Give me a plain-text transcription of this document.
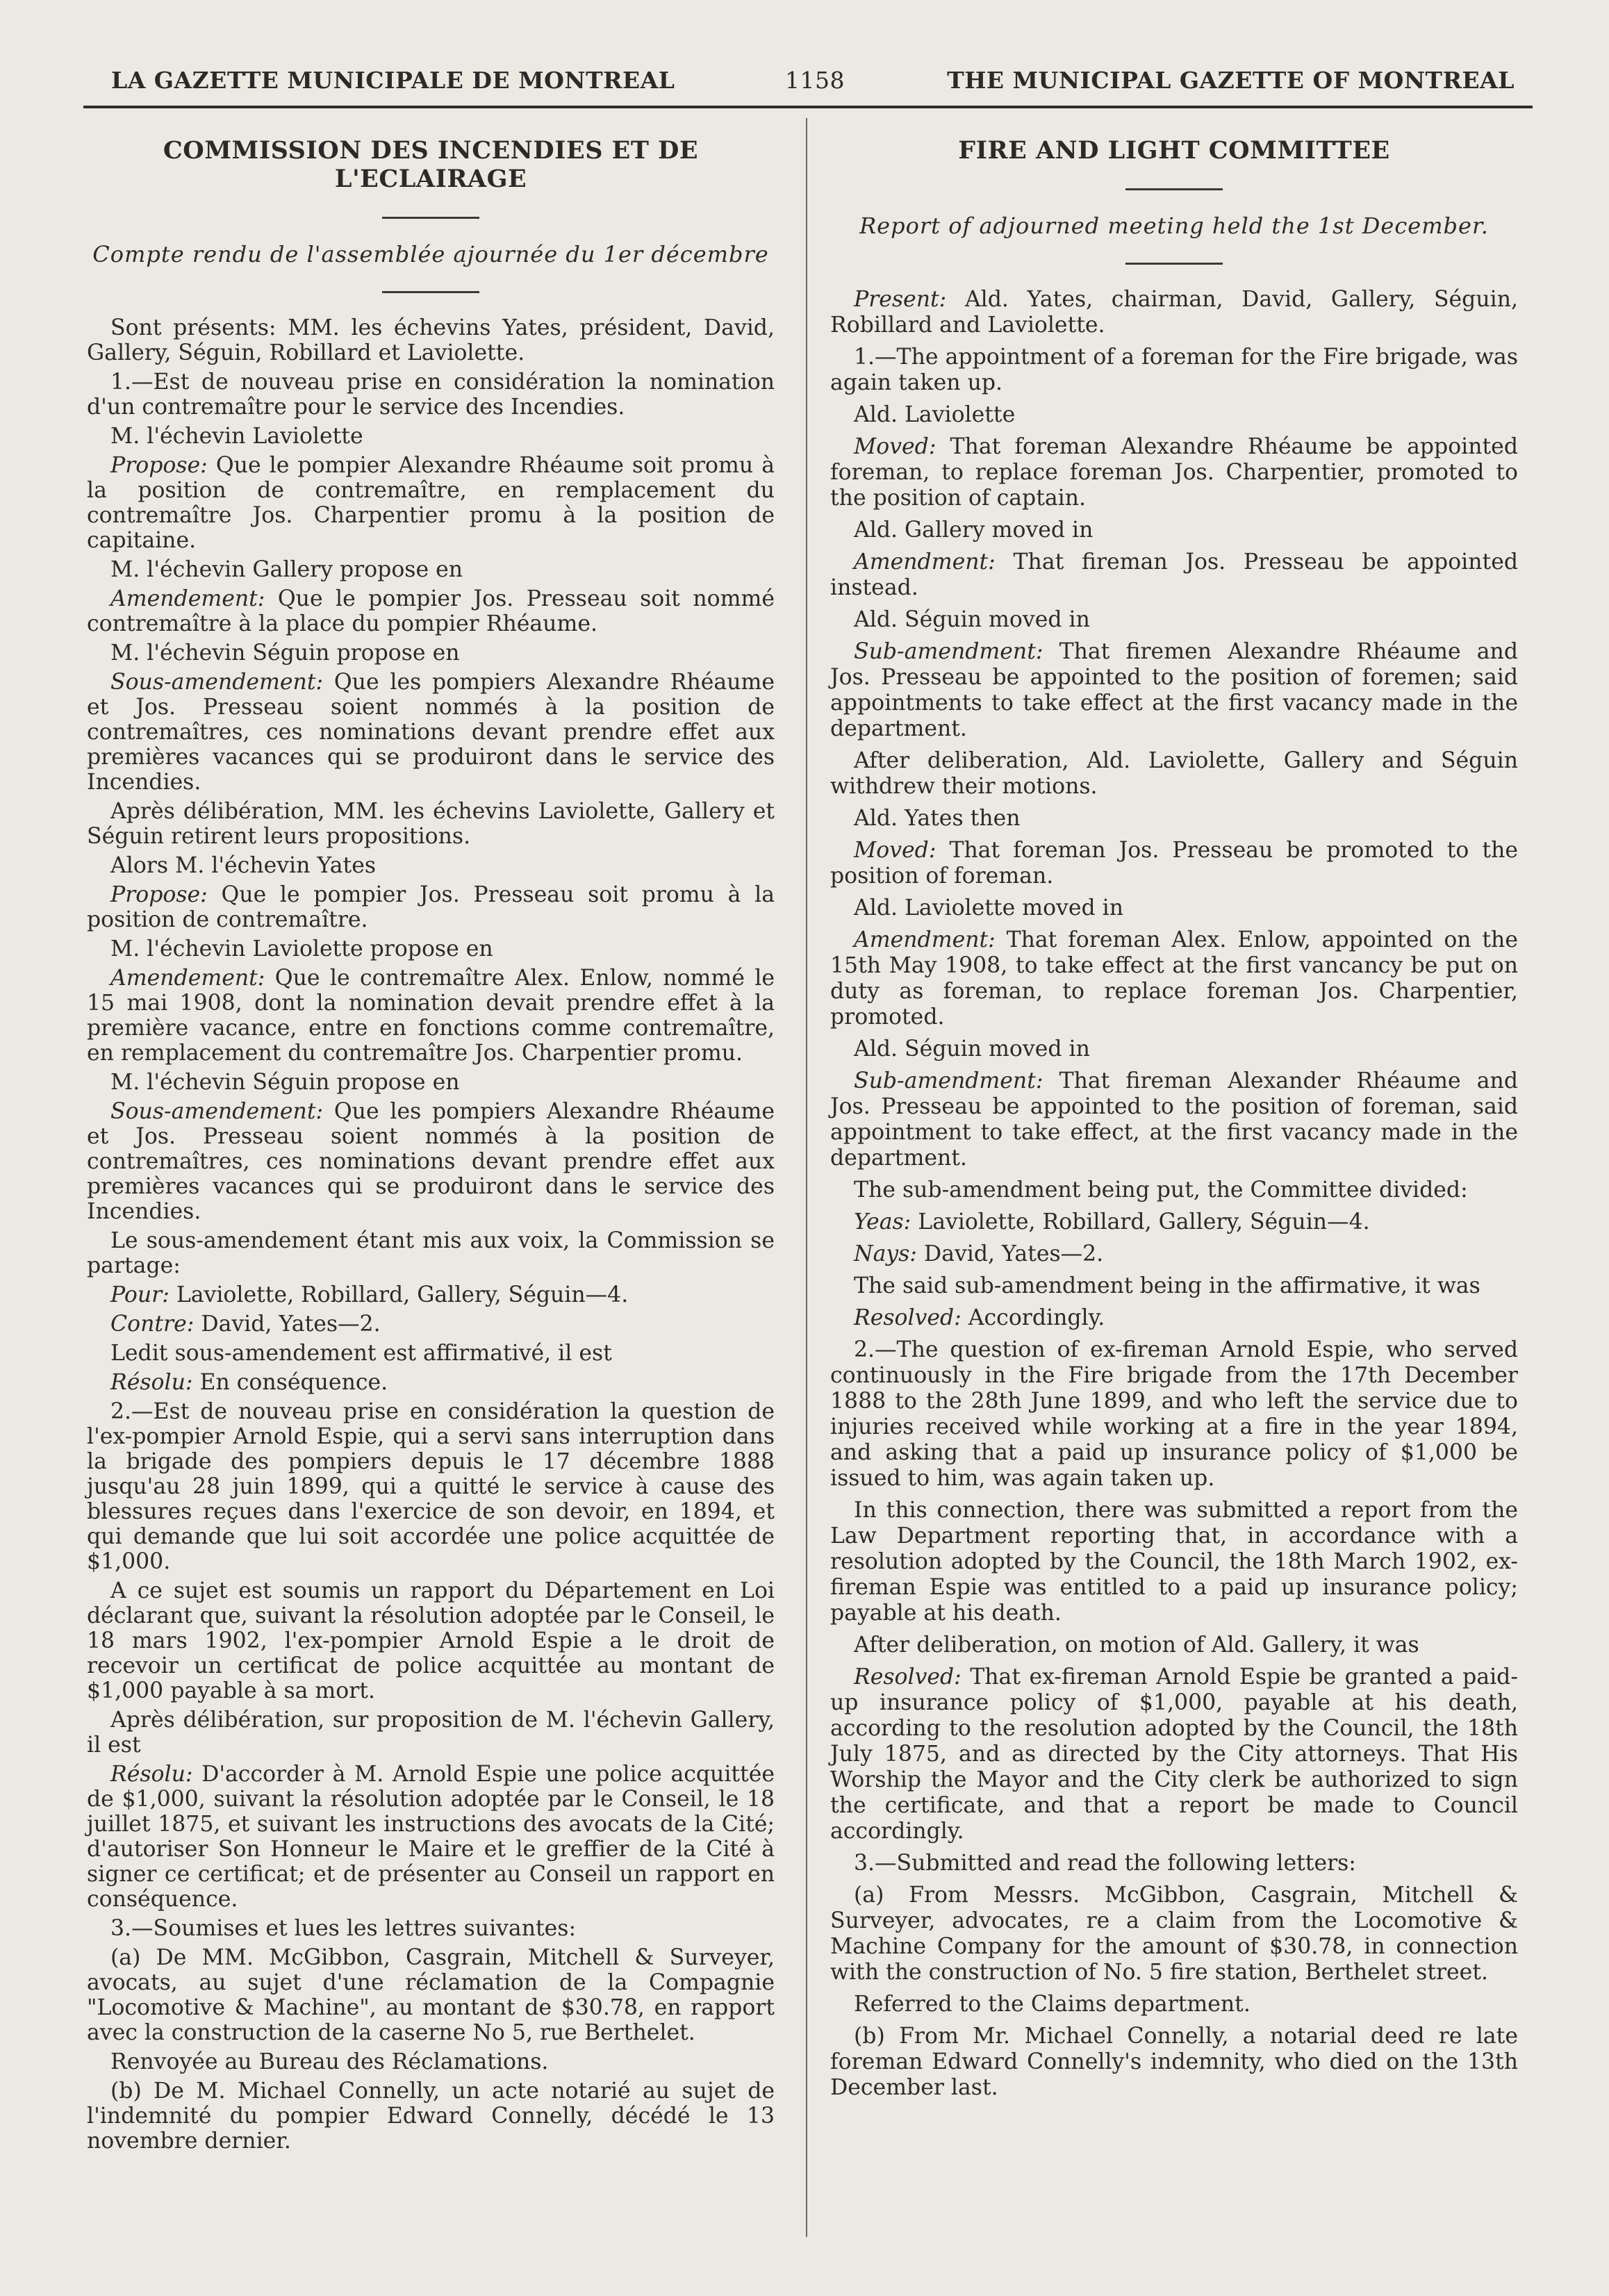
LA GAZETTE MUNICIPALE DE MONTREAL	1158	THE MUNICIPAL GAZETTE OF MONTREAL
COMMISSION DES INCENDIES ET DE L'ECLAIRAGE
Compte rendu de l'assemblée ajournée du 1er décembre

Sont présents: MM. les échevins Yates, président, David, Gallery, Séguin, Robillard et Laviolette.

1.—Est de nouveau prise en considération la nomination d'un contremaître pour le service des Incendies.

M. l'échevin Laviolette

Propose: Que le pompier Alexandre Rhéaume soit promu à la position de contremaître, en remplacement du contremaître Jos. Charpentier promu à la position de capitaine.

M. l'échevin Gallery propose en

Amendement: Que le pompier Jos. Presseau soit nommé contremaître à la place du pompier Rhéaume.

M. l'échevin Séguin propose en

Sous-amendement: Que les pompiers Alexandre Rhéaume et Jos. Presseau soient nommés à la position de contremaîtres, ces nominations devant prendre effet aux premières vacances qui se produiront dans le service des Incendies.

Après délibération, MM. les échevins Laviolette, Gallery et Séguin retirent leurs propositions.

Alors M. l'échevin Yates

Propose: Que le pompier Jos. Presseau soit promu à la position de contremaître.

M. l'échevin Laviolette propose en

Amendement: Que le contremaître Alex. Enlow, nommé le 15 mai 1908, dont la nomination devait prendre effet à la première vacance, entre en fonctions comme contremaître, en remplacement du contremaître Jos. Charpentier promu.

M. l'échevin Séguin propose en

Sous-amendement: Que les pompiers Alexandre Rhéaume et Jos. Presseau soient nommés à la position de contremaîtres, ces nominations devant prendre effet aux premières vacances qui se produiront dans le service des Incendies.

Le sous-amendement étant mis aux voix, la Commission se partage:

Pour: Laviolette, Robillard, Gallery, Séguin—4.

Contre: David, Yates—2.

Ledit sous-amendement est affirmativé, il est

Résolu: En conséquence.

2.—Est de nouveau prise en considération la question de l'ex-pompier Arnold Espie, qui a servi sans interruption dans la brigade des pompiers depuis le 17 décembre 1888 jusqu'au 28 juin 1899, qui a quitté le service à cause des blessures reçues dans l'exercice de son devoir, en 1894, et qui demande que lui soit accordée une police acquittée de $1,000.

A ce sujet est soumis un rapport du Département en Loi déclarant que, suivant la résolution adoptée par le Conseil, le 18 mars 1902, l'ex-pompier Arnold Espie a le droit de recevoir un certificat de police acquittée au montant de $1,000 payable à sa mort.

Après délibération, sur proposition de M. l'échevin Gallery, il est

Résolu: D'accorder à M. Arnold Espie une police acquittée de $1,000, suivant la résolution adoptée par le Conseil, le 18 juillet 1875, et suivant les instructions des avocats de la Cité; d'autoriser Son Honneur le Maire et le greffier de la Cité à signer ce certificat; et de présenter au Conseil un rapport en conséquence.

3.—Soumises et lues les lettres suivantes:

(a) De MM. McGibbon, Casgrain, Mitchell & Surveyer, avocats, au sujet d'une réclamation de la Compagnie "Locomotive & Machine", au montant de $30.78, en rapport avec la construction de la caserne No 5, rue Berthelet.

Renvoyée au Bureau des Réclamations.

(b) De M. Michael Connelly, un acte notarié au sujet de l'indemnité du pompier Edward Connelly, décédé le 13 novembre dernier.

FIRE AND LIGHT COMMITTEE
Report of adjourned meeting held the 1st December.

Present: Ald. Yates, chairman, David, Gallery, Séguin, Robillard and Laviolette.

1.—The appointment of a foreman for the Fire brigade, was again taken up.

Ald. Laviolette

Moved: That foreman Alexandre Rhéaume be appointed foreman, to replace foreman Jos. Charpentier, promoted to the position of captain.

Ald. Gallery moved in

Amendment: That fireman Jos. Presseau be appointed instead.

Ald. Séguin moved in

Sub-amendment: That firemen Alexandre Rhéaume and Jos. Presseau be appointed to the position of foremen; said appointments to take effect at the first vacancy made in the department.

After deliberation, Ald. Laviolette, Gallery and Séguin withdrew their motions.

Ald. Yates then

Moved: That foreman Jos. Presseau be promoted to the position of foreman.

Ald. Laviolette moved in

Amendment: That foreman Alex. Enlow, appointed on the 15th May 1908, to take effect at the first vancancy be put on duty as foreman, to replace foreman Jos. Charpentier, promoted.

Ald. Séguin moved in

Sub-amendment: That fireman Alexander Rhéaume and Jos. Presseau be appointed to the position of foreman, said appointment to take effect, at the first vacancy made in the department.

The sub-amendment being put, the Committee divided:

Yeas: Laviolette, Robillard, Gallery, Séguin—4.

Nays: David, Yates—2.

The said sub-amendment being in the affirmative, it was

Resolved: Accordingly.

2.—The question of ex-fireman Arnold Espie, who served continuously in the Fire brigade from the 17th December 1888 to the 28th June 1899, and who left the service due to injuries received while working at a fire in the year 1894, and asking that a paid up insurance policy of $1,000 be issued to him, was again taken up.

In this connection, there was submitted a report from the Law Department reporting that, in accordance with a resolution adopted by the Council, the 18th March 1902, ex-fireman Espie was entitled to a paid up insurance policy; payable at his death.

After deliberation, on motion of Ald. Gallery, it was

Resolved: That ex-fireman Arnold Espie be granted a paid-up insurance policy of $1,000, payable at his death, according to the resolution adopted by the Council, the 18th July 1875, and as directed by the City attorneys. That His Worship the Mayor and the City clerk be authorized to sign the certificate, and that a report be made to Council accordingly.

3.—Submitted and read the following letters:

(a) From Messrs. McGibbon, Casgrain, Mitchell & Surveyer, advocates, re a claim from the Locomotive & Machine Company for the amount of $30.78, in connection with the construction of No. 5 fire station, Berthelet street.

Referred to the Claims department.

(b) From Mr. Michael Connelly, a notarial deed re late foreman Edward Connelly's indemnity, who died on the 13th December last.
